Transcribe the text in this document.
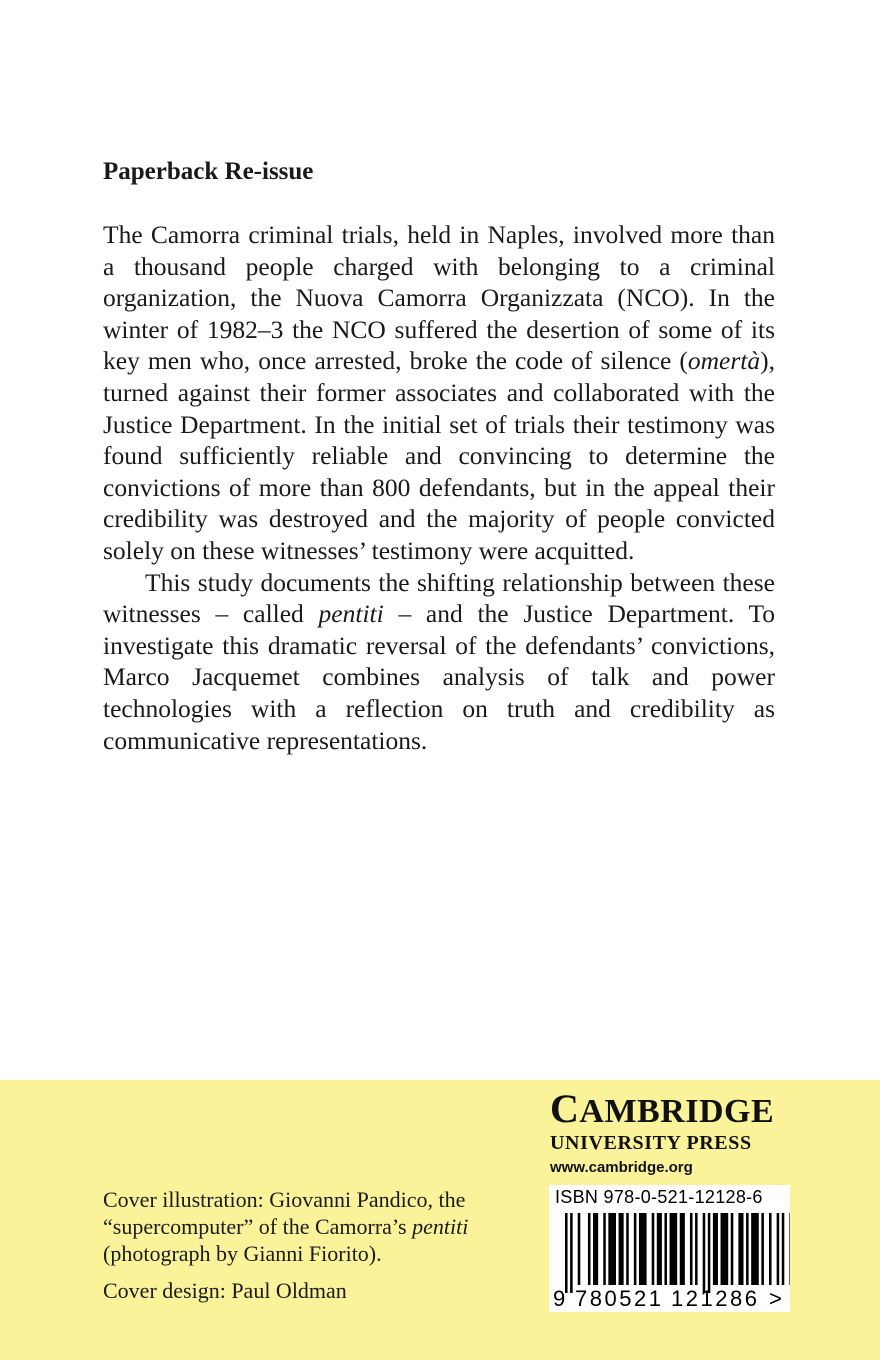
Paperback Re-issue

The Camorra criminal trials, held in Naples, involved more than a thousand people charged with belonging to a criminal organization, the Nuova Camorra Organizzata (NCO). In the winter of 1982–3 the NCO suffered the desertion of some of its key men who, once arrested, broke the code of silence (omertà), turned against their former associates and collaborated with the Justice Department. In the initial set of trials their testimony was found sufficiently reliable and convincing to determine the convictions of more than 800 defendants, but in the appeal their credibility was destroyed and the majority of people convicted solely on these witnesses’ testimony were acquitted.

This study documents the shifting relationship between these witnesses – called pentiti – and the Justice Department. To investigate this dramatic reversal of the defendants’ convictions, Marco Jacquemet combines analysis of talk and power technologies with a reflection on truth and credibility as communicative representations.

CAMBRIDGE
UNIVERSITY PRESS
www.cambridge.org

Cover illustration: Giovanni Pandico, the “supercomputer” of the Camorra’s pentiti (photograph by Gianni Fiorito).

Cover design: Paul Oldman

ISBN 978-0-521-12128-6
9 780521 121286 >
